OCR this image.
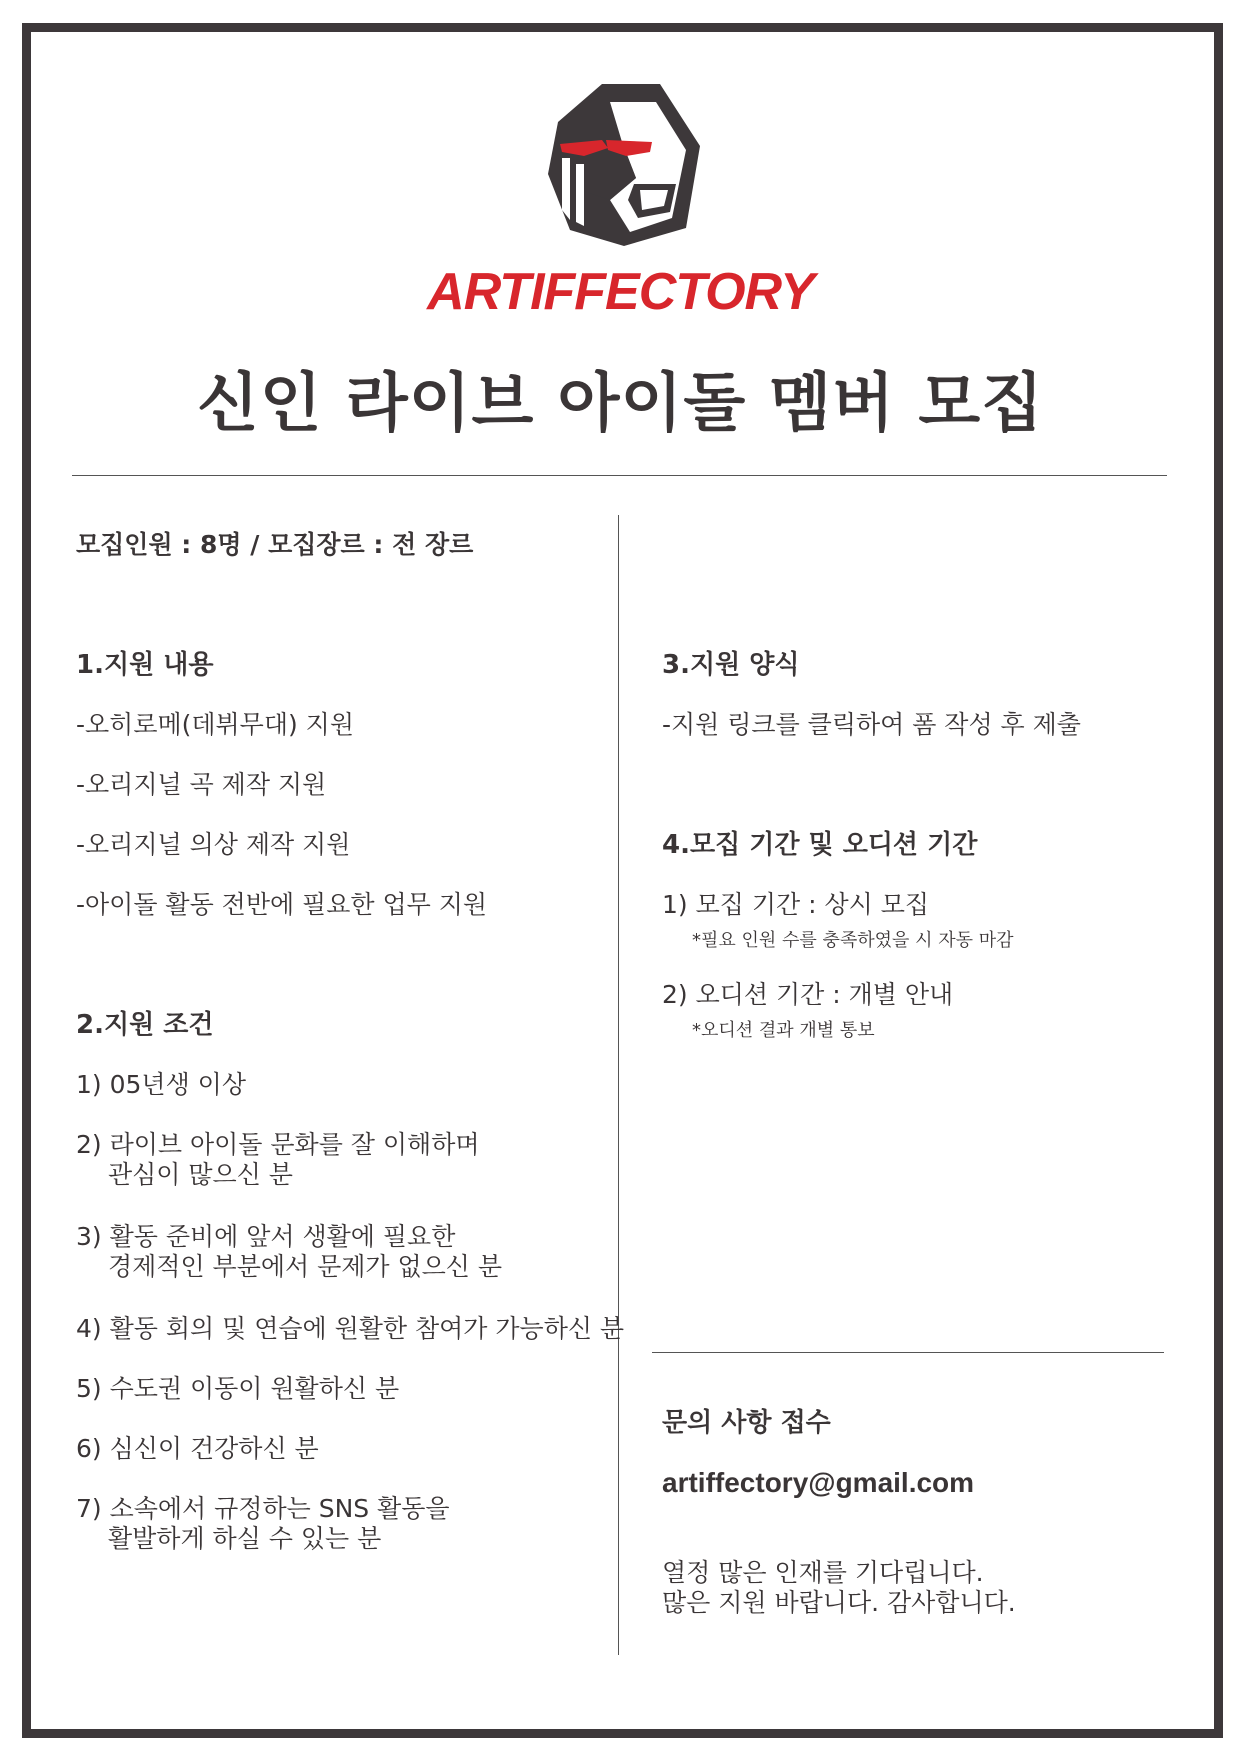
ARTIFFECTORY
신인 라이브 아이돌 멤버 모집
모집인원 : 8명 / 모집장르 : 전 장르
1.지원 내용
-오히로메(데뷔무대) 지원
-오리지널 곡 제작 지원
-오리지널 의상 제작 지원
-아이돌 활동 전반에 필요한 업무 지원
2.지원 조건
1) 05년생 이상
2) 라이브 아이돌 문화를 잘 이해하며
관심이 많으신 분
3) 활동 준비에 앞서 생활에 필요한
경제적인 부분에서 문제가 없으신 분
4) 활동 회의 및 연습에 원활한 참여가 가능하신 분
5) 수도권 이동이 원활하신 분
6) 심신이 건강하신 분
7) 소속에서 규정하는 SNS 활동을
활발하게 하실 수 있는 분
3.지원 양식
-지원 링크를 클릭하여 폼 작성 후 제출
4.모집 기간 및 오디션 기간
1) 모집 기간 : 상시 모집
*필요 인원 수를 충족하였을 시 자동 마감
2) 오디션 기간 : 개별 안내
*오디션 결과 개별 통보
문의 사항 접수
artiffectory@gmail.com
열정 많은 인재를 기다립니다.
많은 지원 바랍니다. 감사합니다.
